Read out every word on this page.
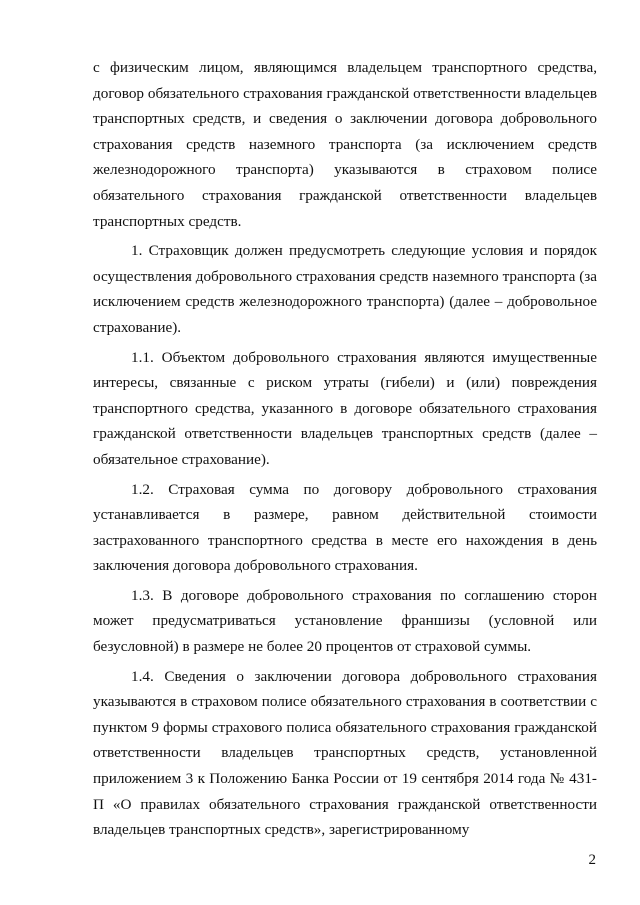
с физическим лицом, являющимся владельцем транспортного средства, договор обязательного страхования гражданской ответственности владельцев транспортных средств, и сведения о заключении договора добровольного страхования средств наземного транспорта (за исключением средств железнодорожного транспорта) указываются в страховом полисе обязательного страхования гражданской ответственности владельцев транспортных средств.

1. Страховщик должен предусмотреть следующие условия и порядок осуществления добровольного страхования средств наземного транспорта (за исключением средств железнодорожного транспорта) (далее – добровольное страхование).

1.1. Объектом добровольного страхования являются имущественные интересы, связанные с риском утраты (гибели) и (или) повреждения транспортного средства, указанного в договоре обязательного страхования гражданской ответственности владельцев транспортных средств (далее – обязательное страхование).

1.2. Страховая сумма по договору добровольного страхования устанавливается в размере, равном действительной стоимости застрахованного транспортного средства в месте его нахождения в день заключения договора добровольного страхования.

1.3. В договоре добровольного страхования по соглашению сторон может предусматриваться установление франшизы (условной или безусловной) в размере не более 20 процентов от страховой суммы.

1.4. Сведения о заключении договора добровольного страхования указываются в страховом полисе обязательного страхования в соответствии с пунктом 9 формы страхового полиса обязательного страхования гражданской ответственности владельцев транспортных средств, установленной приложением 3 к Положению Банка России от 19 сентября 2014 года № 431-П «О правилах обязательного страхования гражданской ответственности владельцев транспортных средств», зарегистрированному

2
